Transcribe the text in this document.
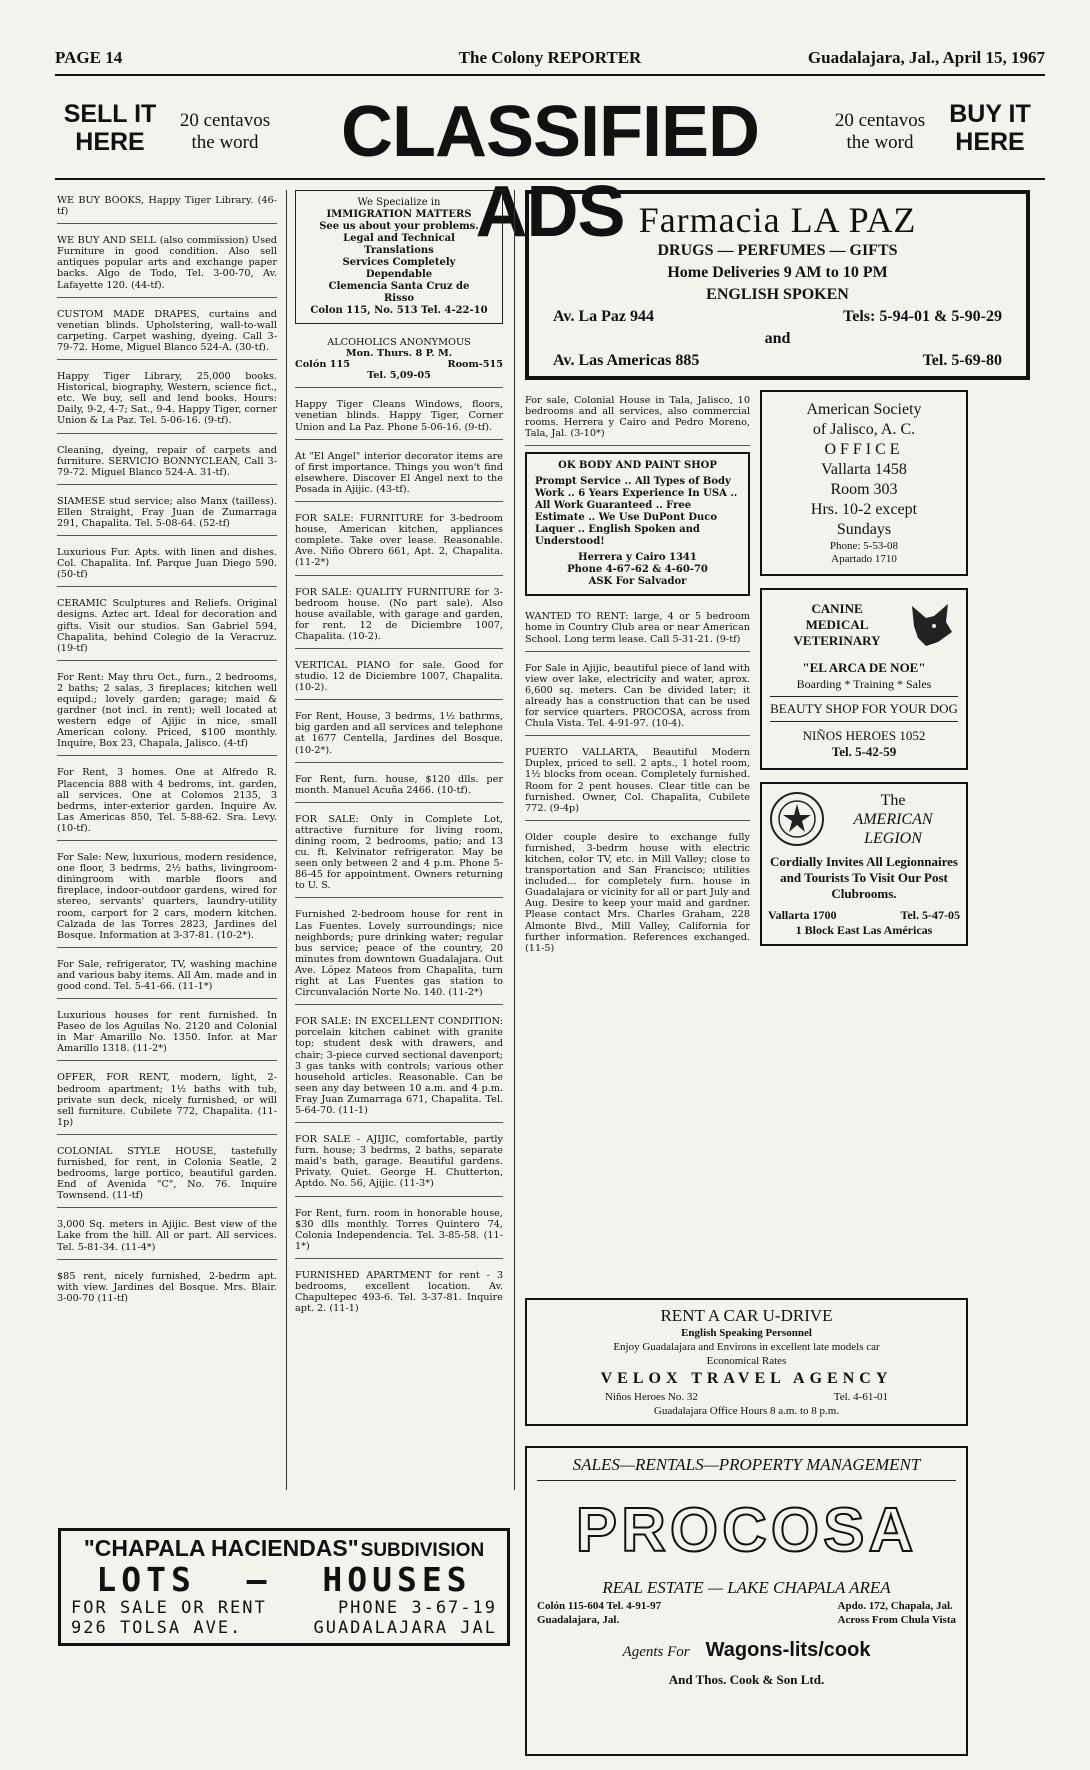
PAGE 14	The Colony REPORTER	Guadalajara, Jal., April 15, 1967
SELL IT
HERE
20 centavos
the word	CLASSIFIED ADS
20 centavos
the word
BUY IT
HERE
WE BUY BOOKS, Happy Tiger Library. (46-tf)
WE BUY AND SELL (also commission) Used Furniture in good condition. Also sell antiques popular arts and exchange paper backs. Algo de Todo, Tel. 3-00-70, Av. Lafayette 120. (44-tf).
CUSTOM MADE DRAPES, curtains and venetian blinds. Upholstering, wall-to-wall carpeting. Carpet washing, dyeing. Call 3-79-72. Home, Miguel Blanco 524-A. (30-tf).
Happy Tiger Library, 25,000 books. Historical, biography, Western, science fict., etc. We buy, sell and lend books. Hours: Daily, 9-2, 4-7; Sat., 9-4. Happy Tiger, corner Union & La Paz. Tel. 5-06-16. (9-tf).
Cleaning, dyeing, repair of carpets and furniture. SERVICIO BONNYCLEAN, Call 3-79-72. Miguel Blanco 524-A. 31-tf).
SIAMESE stud service; also Manx (tailless). Ellen Straight, Fray Juan de Zumarraga 291, Chapalita. Tel. 5-08-64. (52-tf)
Luxurious Fur. Apts. with linen and dishes. Col. Chapalita. Inf. Parque Juan Diego 590. (50-tf)
CERAMIC Sculptures and Reliefs. Original designs. Aztec art. Ideal for decoration and gifts. Visit our studios. San Gabriel 594, Chapalita, behind Colegio de la Veracruz. (19-tf)
For Rent: May thru Oct., furn., 2 bedrooms, 2 baths; 2 salas, 3 fireplaces; kitchen well equipd.; lovely garden; garage; maid & gardner (not incl. in rent); well located at western edge of Ajijic in nice, small American colony. Priced, $100 monthly. Inquire, Box 23, Chapala, Jalisco. (4-tf)
For Rent, 3 homes. One at Alfredo R. Placencia 888 with 4 bedroms, int. garden, all services. One at Colomos 2135, 3 bedrms, inter-exterior garden. Inquire Av. Las Americas 850, Tel. 5-88-62. Sra. Levy. (10-tf).
For Sale: New, luxurious, modern residence, one floor, 3 bedrms, 2½ baths, livingroom-diningroom with marble floors and fireplace, indoor-outdoor gardens, wired for stereo, servants' quarters, laundry-utility room, carport for 2 cars, modern kitchen. Calzada de las Torres 2823, Jardines del Bosque. Information at 3-37-81. (10-2*).
For Sale, refrigerator, TV, washing machine and various baby items. All Am. made and in good cond. Tel. 5-41-66. (11-1*)
Luxurious houses for rent furnished. In Paseo de los Aguilas No. 2120 and Colonial in Mar Amarillo No. 1350. Infor. at Mar Amarillo 1318. (11-2*)
OFFER, FOR RENT, modern, light, 2-bedroom apartment; 1½ baths with tub, private sun deck, nicely furnished, or will sell furniture. Cubilete 772, Chapalita. (11-1p)
COLONIAL STYLE HOUSE, tastefully furnished, for rent, in Colonia Seatle, 2 bedrooms, large portico, beautiful garden. End of Avenida "C", No. 76. Inquire Townsend. (11-tf)
3,000 Sq. meters in Ajijic. Best view of the Lake from the hill. All or part. All services. Tel. 5-81-34. (11-4*)
$85 rent, nicely furnished, 2-bedrm apt. with view. Jardines del Bosque. Mrs. Blair. 3-00-70 (11-tf)
We Specialize in
IMMIGRATION MATTERS
See us about your problems.
Legal and Technical
Translations
Services Completely
Dependable
Clemencia Santa Cruz de
Risso
Colon 115, No. 513 Tel. 4-22-10
ALCOHOLICS ANONYMOUS
Mon. Thurs. 8 P. M.
Colón 115	Room-515
Tel. 5,09-05
Happy Tiger Cleans Windows, floors, venetian blinds. Happy Tiger, Corner Union and La Paz. Phone 5-06-16. (9-tf).
At "El Angel" interior decorator items are of first importance. Things you won't find elsewhere. Discover El Angel next to the Posada in Ajijic. (43-tf).
FOR SALE: FURNITURE for 3-bedroom house, American kitchen, appliances complete. Take over lease. Reasonable. Ave. Niño Obrero 661, Apt. 2, Chapalita. (11-2*)
FOR SALE: QUALITY FURNITURE for 3-bedroom house. (No part sale). Also house available, with garage and garden, for rent. 12 de Diciembre 1007, Chapalita. (10-2).
VERTICAL PIANO for sale. Good for studio. 12 de Diciembre 1007, Chapalita. (10-2).
For Rent, House, 3 bedrms, 1½ bathrms, big garden and all services and telephone at 1677 Centella, Jardines del Bosque. (10-2*).
For Rent, furn. house, $120 dlls. per month. Manuel Acuña 2466. (10-tf).
FOR SALE: Only in Complete Lot, attractive furniture for living room, dining room, 2 bedrooms, patio; and 13 cu. ft. Kelvinator refrigerator. May be seen only between 2 and 4 p.m. Phone 5-86-45 for appointment. Owners returning to U. S.
Furnished 2-bedroom house for rent in Las Fuentes. Lovely surroundings; nice neighbords; pure drinking water; regular bus service; peace of the country, 20 minutes from downtown Guadalajara. Out Ave. López Mateos from Chapalita, turn right at Las Fuentes gas station to Circunvalación Norte No. 140. (11-2*)
FOR SALE: IN EXCELLENT CONDITION: porcelain kitchen cabinet with granite top; student desk with drawers, and chair; 3-piece curved sectional davenport; 3 gas tanks with controls; various other household articles. Reasonable. Can be seen any day between 10 a.m. and 4 p.m. Fray Juan Zumarraga 671, Chapalita. Tel. 5-64-70. (11-1)
FOR SALE - AJIJIC, comfortable, partly furn. house; 3 bedrms, 2 baths, separate maid's bath, garage. Beautiful gardens. Privaty. Quiet. George H. Chutterton, Aptdo. No. 56, Ajijic. (11-3*)
For Rent, furn. room in honorable house, $30 dlls monthly. Torres Quintero 74, Colonia Independencia. Tel. 3-85-58. (11-1*)
FURNISHED APARTMENT for rent - 3 bedrooms, excellent location. Av. Chapultepec 493-6. Tel. 3-37-81. Inquire apt. 2. (11-1)
"CHAPALA HACIENDAS" SUBDIVISION
LOTS — HOUSES
FOR SALE OR RENT	PHONE 3-67-19
926 TOLSA AVE.	GUADALAJARA JAL
Farmacia LA PAZ
DRUGS — PERFUMES — GIFTS
Home Deliveries 9 AM to 10 PM
ENGLISH SPOKEN
Av. La Paz 944	Tels: 5-94-01 & 5-90-29
and
Av. Las Americas 885	Tel. 5-69-80
For sale, Colonial House in Tala, Jalisco, 10 bedrooms and all services, also commercial rooms. Herrera y Cairo and Pedro Moreno, Tala, Jal. (3-10*)
OK BODY AND PAINT SHOP
Prompt Service .. All Types of Body Work .. 6 Years Experience In USA .. All Work Guaranteed .. Free Estimate .. We Use DuPont Duco Laquer .. English Spoken and Understood!
Herrera y Cairo 1341
Phone 4-67-62 & 4-60-70
ASK For Salvador
WANTED TO RENT: large, 4 or 5 bedroom home in Country Club area or near American School. Long term lease. Call 5-31-21. (9-tf)
For Sale in Ajijic, beautiful piece of land with view over lake, electricity and water, aprox. 6,600 sq. meters. Can be divided later; it already has a construction that can be used for service quarters. PROCOSA, across from Chula Vista. Tel. 4-91-97. (10-4).
PUERTO VALLARTA, Beautiful Modern Duplex, priced to sell. 2 apts., 1 hotel room, 1½ blocks from ocean. Completely furnished. Room for 2 pent houses. Clear title can be furnished. Owner, Col. Chapalita, Cubilete 772. (9-4p)
Older couple desire to exchange fully furnished, 3-bedrm house with electric kitchen, color TV, etc. in Mill Valley; close to transportation and San Francisco; utilities included... for completely furn. house in Guadalajara or vicinity for all or part July and Aug. Desire to keep your maid and gardner. Please contact Mrs. Charles Graham, 228 Almonte Blvd., Mill Valley, California for further information. References exchanged. (11-5)
American Society
of Jalisco, A. C.
OFFICE
Vallarta 1458
Room 303
Hrs. 10-2 except
Sundays
Phone: 5-53-08
Apartado 1710
CANINE
MEDICAL
VETERINARY
"EL ARCA DE NOE"
Boarding * Training * Sales
BEAUTY SHOP FOR YOUR DOG
NIÑOS HEROES 1052
Tel. 5-42-59
The
AMERICAN
LEGION
Cordially Invites All Legionnaires and Tourists To Visit Our Post Clubrooms.
Vallarta 1700	Tel. 5-47-05
1 Block East Las Américas
RENT A CAR U-DRIVE
English Speaking Personnel
Enjoy Guadalajara and Environs in excellent late models car
Economical Rates
VELOX TRAVEL AGENCY
Niños Heroes No. 32	Tel. 4-61-01
Guadalajara Office Hours 8 a.m. to 8 p.m.
SALES—RENTALS—PROPERTY MANAGEMENT
PROCOSA
REAL ESTATE — LAKE CHAPALA AREA
Colón 115-604 Tel. 4-91-97
Guadalajara, Jal.
Apdo. 172, Chapala, Jal.
Across From Chula Vista
Agents For Wagons-lits/cook
And Thos. Cook & Son Ltd.
